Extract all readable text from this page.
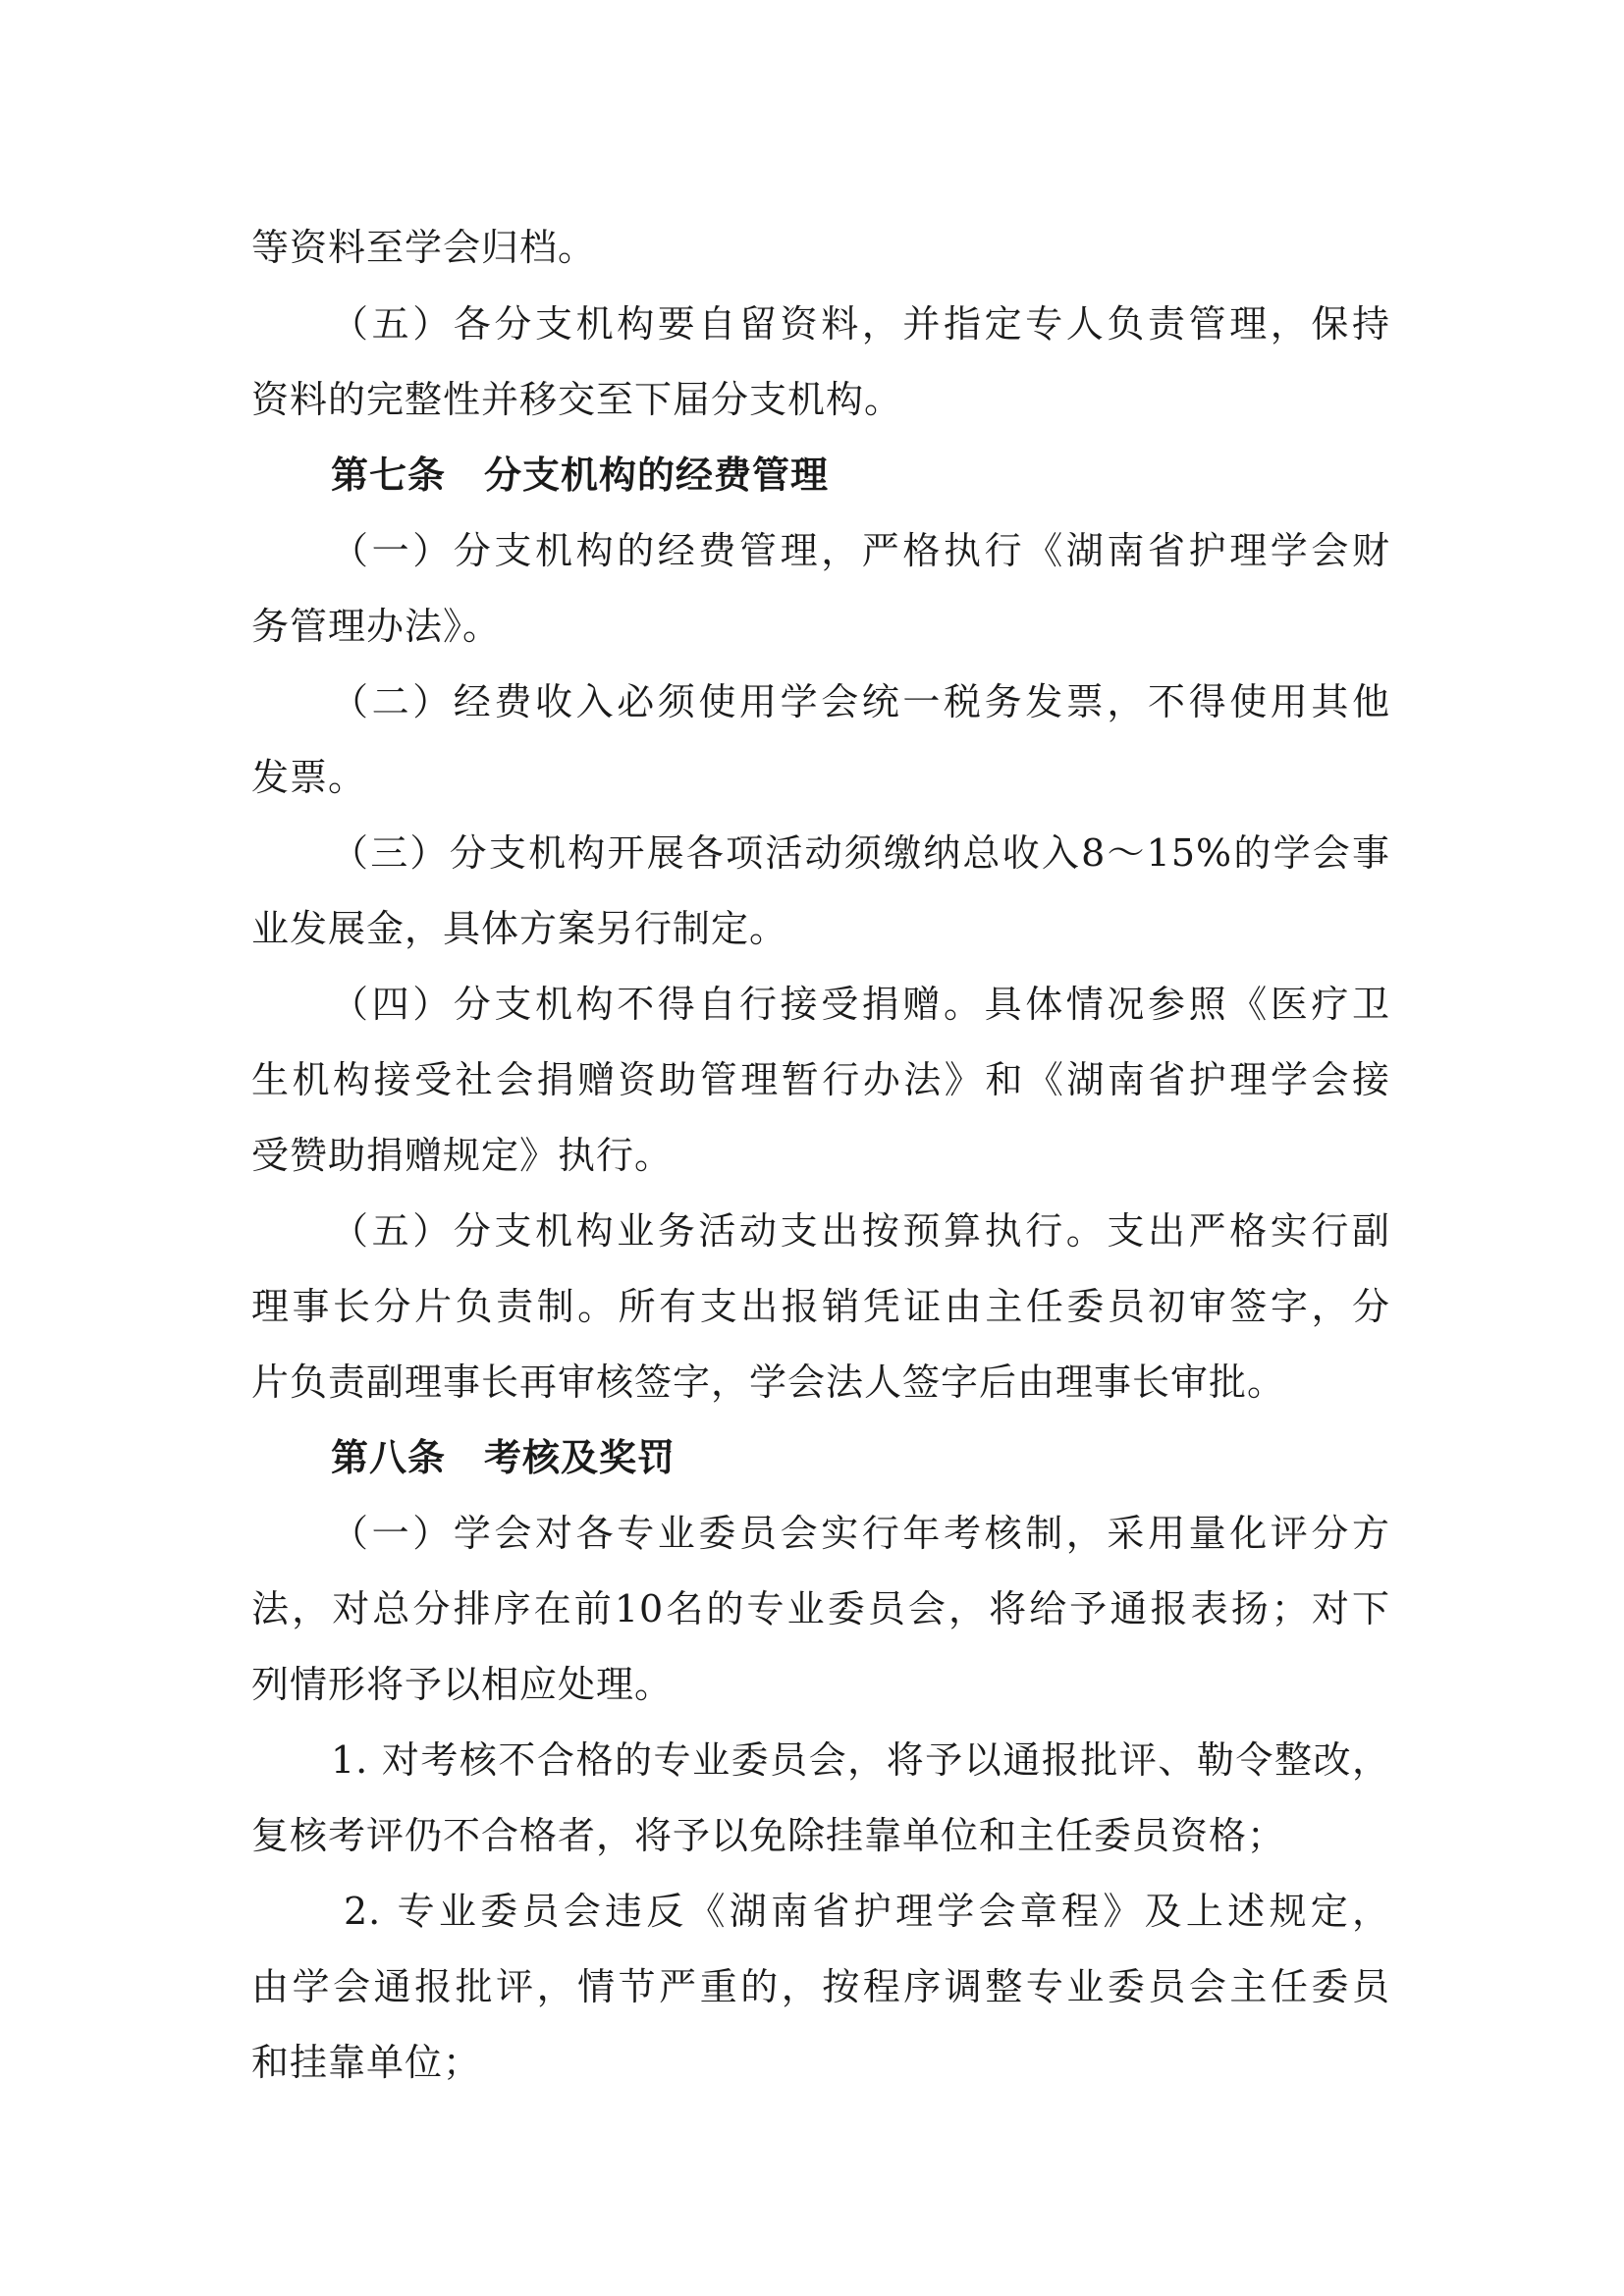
等资料至学会归档。
（五）各分支机构要自留资料，并指定专人负责管理，保持
资料的完整性并移交至下届分支机构。
第七条　分支机构的经费管理
（一）分支机构的经费管理，严格执行《湖南省护理学会财
务管理办法》。
（二）经费收入必须使用学会统一税务发票，不得使用其他
发票。
（三）分支机构开展各项活动须缴纳总收入8～15%的学会事
业发展金，具体方案另行制定。
（四）分支机构不得自行接受捐赠。具体情况参照《医疗卫
生机构接受社会捐赠资助管理暂行办法》和《湖南省护理学会接
受赞助捐赠规定》执行。
（五）分支机构业务活动支出按预算执行。支出严格实行副
理事长分片负责制。所有支出报销凭证由主任委员初审签字，分
片负责副理事长再审核签字，学会法人签字后由理事长审批。
第八条　考核及奖罚
（一）学会对各专业委员会实行年考核制，采用量化评分方
法，对总分排序在前10名的专业委员会，将给予通报表扬；对下
列情形将予以相应处理。
1. 对考核不合格的专业委员会，将予以通报批评、勒令整改，
复核考评仍不合格者，将予以免除挂靠单位和主任委员资格；
2. 专业委员会违反《湖南省护理学会章程》及上述规定，
由学会通报批评，情节严重的，按程序调整专业委员会主任委员
和挂靠单位；
